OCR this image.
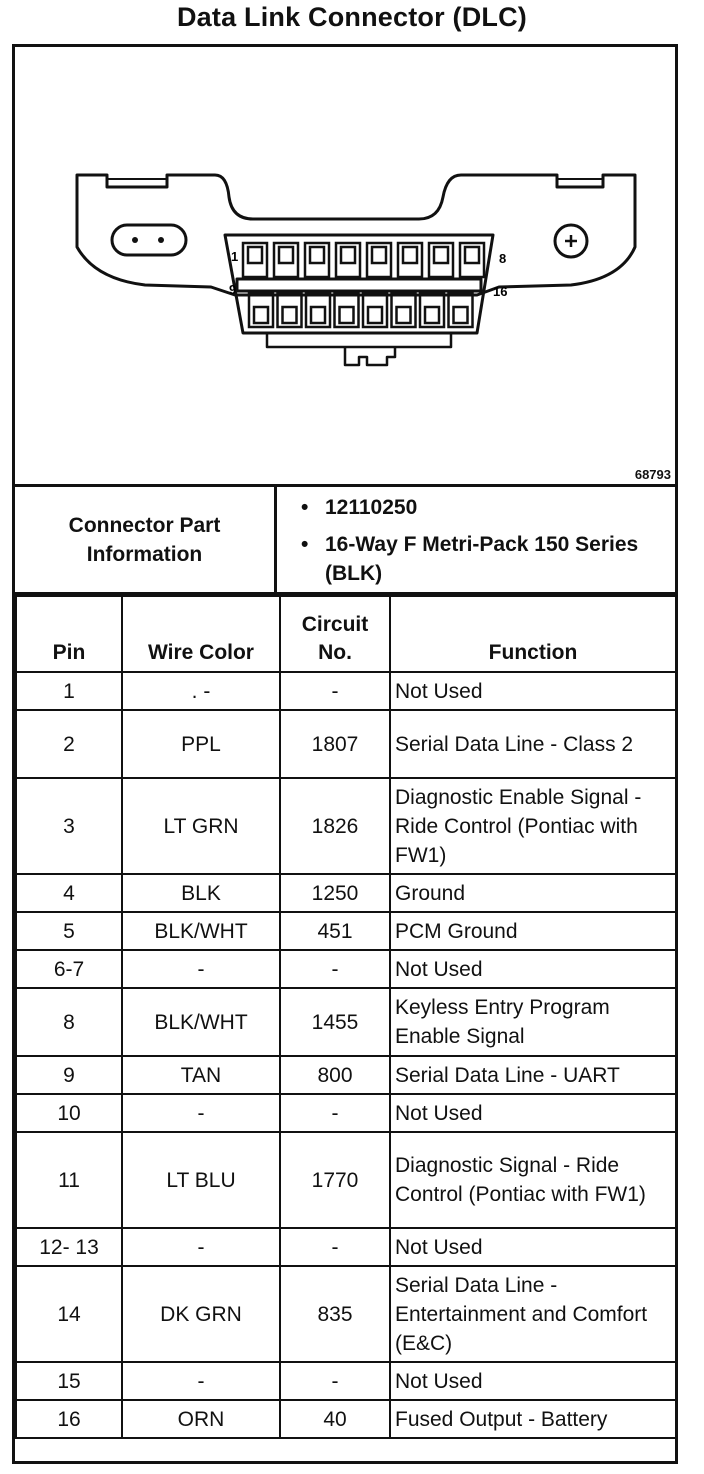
Data Link Connector (DLC)
1	8
9	16
68793
Connector Part Information
• 12110250
• 16-Way F Metri-Pack 150 Series (BLK)
Pin	Wire Color	Circuit No.	Function
1	. -	-	Not Used
2	PPL	1807	Serial Data Line - Class 2
3	LT GRN	1826	Diagnostic Enable Signal - Ride Control (Pontiac with FW1)
4	BLK	1250	Ground
5	BLK/WHT	451	PCM Ground
6-7	-	-	Not Used
8	BLK/WHT	1455	Keyless Entry Program Enable Signal
9	TAN	800	Serial Data Line - UART
10	-	-	Not Used
11	LT BLU	1770	Diagnostic Signal - Ride Control (Pontiac with FW1)
12- 13	-	-	Not Used
14	DK GRN	835	Serial Data Line - Entertainment and Comfort (E&C)
15	-	-	Not Used
16	ORN	40	Fused Output - Battery
